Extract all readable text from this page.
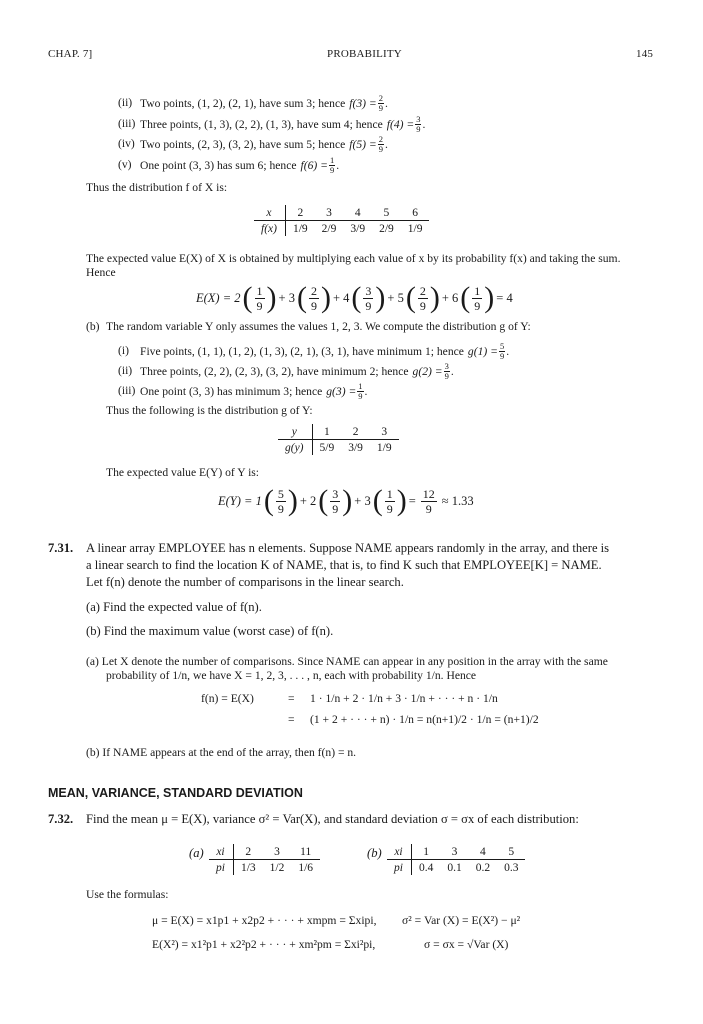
CHAP. 7]	PROBABILITY	145
(ii) Two points, (1, 2), (2, 1), have sum 3; hence $f(3) = \frac{2}{9}$ .
(iii) Three points, (1, 3), (2, 2), (1, 3), have sum 4; hence $f(4) = \frac{3}{9}$ .
(iv) Two points, (2, 3), (3, 2), have sum 5; hence $f(5) = \frac{2}{9}$ .
(v) One point (3, 3) has sum 6; hence $f(6) = \frac{1}{9}$ .
Thus the distribution f of X is:
x	2	3	4	5	6
f(x)	1/9	2/9	3/9	2/9	1/9
The expected value E(X) of X is obtained by multiplying each value of x by its probability f(x) and taking the sum.
Hence
E(X) = 2 ( $\frac{1}{9}$ ) + 3 ( $\frac{2}{9}$ ) + 4 ( $\frac{3}{9}$ ) + 5 ( $\frac{2}{9}$ ) + 6 ( $\frac{1}{9}$ ) = 4
(b) The random variable Y only assumes the values 1, 2, 3. We compute the distribution g of Y:
(i) Five points, (1, 1), (1, 2), (1, 3), (2, 1), (3, 1), have minimum 1; hence $g(1) = \frac{5}{9}$ .
(ii) Three points, (2, 2), (2, 3), (3, 2), have minimum 2; hence $g(2) = \frac{3}{9}$ .
(iii) One point (3, 3) has minimum 3; hence $g(3) = \frac{1}{9}$ .
Thus the following is the distribution g of Y:
y	1	2	3
g(y)	5/9	3/9	1/9
The expected value E(Y) of Y is:
E(Y) = 1 ( $\frac{5}{9}$ ) + 2 ( $\frac{3}{9}$ ) + 3 ( $\frac{1}{9}$ ) = $\frac{12}{9} \approx 1.33$
7.31. A linear array EMPLOYEE has n elements. Suppose NAME appears randomly in the array, and there is
a linear search to find the location K of NAME, that is, to find K such that EMPLOYEE[K] = NAME.
Let f(n) denote the number of comparisons in the linear search.
(a) Find the expected value of f(n).
(b) Find the maximum value (worst case) of f(n).
(a) Let X denote the number of comparisons. Since NAME can appear in any position in the array with the same
probability of 1/n, we have X = 1, 2, 3, . . . , n, each with probability 1/n. Hence
f(n) = E(X)	= 1 · 1/n + 2 · 1/n + 3 · 1/n + · · · + n · 1/n
= (1 + 2 + · · · + n) · 1/n = n(n+1)/2 · 1/n = (n+1)/2
(b) If NAME appears at the end of the array, then f(n) = n.
MEAN, VARIANCE, STANDARD DEVIATION
7.32. Find the mean μ = E(X), variance σ² = Var(X), and standard deviation σ = σx of each distribution:
(a) xi	2	3	11
pi	1/3	1/2	1/6
(b) xi	1	3	4	5
pi	0.4	0.1	0.2	0.3
Use the formulas:
μ = E(X) = x1p1 + x2p2 + · · · + xmpm = Σxipi, σ² = Var (X) = E(X²) − μ²
E(X²) = x1²p1 + x2²p2 + · · · + xm²pm = Σxi²pi,	σ = σx = √Var (X)
